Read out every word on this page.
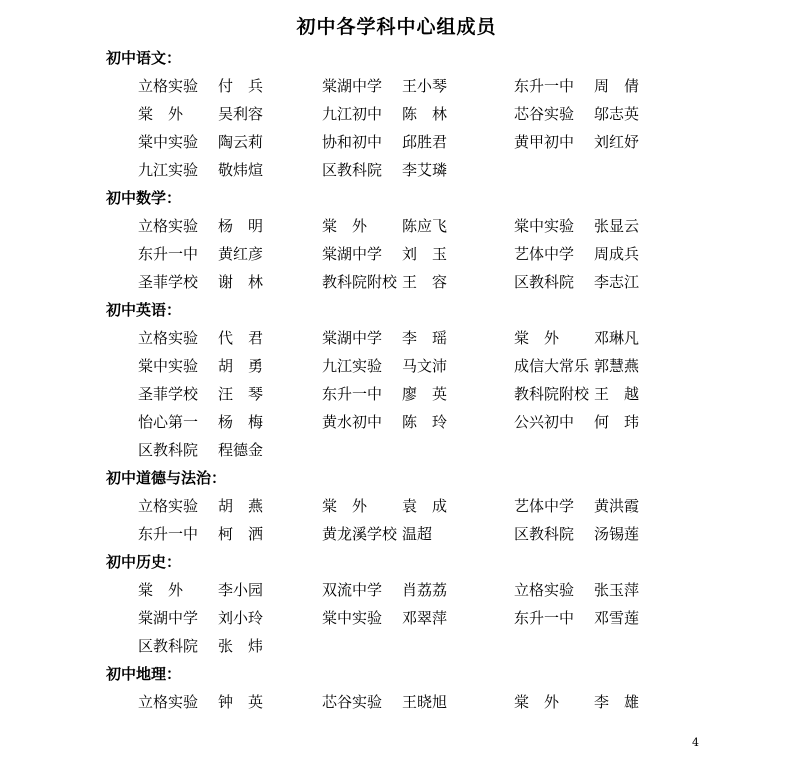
初中各学科中心组成员
初中语文：
立格实验 付　兵	棠湖中学 王小琴	东升一中 周　倩
棠　外 吴利容	九江初中 陈　林	芯谷实验 邬志英
棠中实验 陶云莉	协和初中 邱胜君	黄甲初中 刘红妤
九江实验 敬炜煊	区教科院 李艾璘
初中数学：
立格实验 杨　明	棠　外 陈应飞	棠中实验 张显云
东升一中 黄红彦	棠湖中学 刘　玉	艺体中学 周成兵
圣菲学校 谢　林	教科院附校 王　容	区教科院 李志江
初中英语：
立格实验 代　君	棠湖中学 李　瑶	棠　外 邓琳凡
棠中实验 胡　勇	九江实验 马文沛	成信大常乐 郭慧燕
圣菲学校 汪　琴	东升一中 廖　英	教科院附校 王　越
怡心第一 杨　梅	黄水初中 陈　玲	公兴初中 何　玮
区教科院 程德金
初中道德与法治：
立格实验 胡　燕	棠　外 袁　成	艺体中学 黄洪霞
东升一中 柯　洒	黄龙溪学校 温超	区教科院 汤锡莲
初中历史：
棠　外 李小园	双流中学 肖荔荔	立格实验 张玉萍
棠湖中学 刘小玲	棠中实验 邓翠萍	东升一中 邓雪莲
区教科院 张　炜
初中地理：
立格实验 钟　英	芯谷实验 王晓旭	棠　外 李　雄
4
